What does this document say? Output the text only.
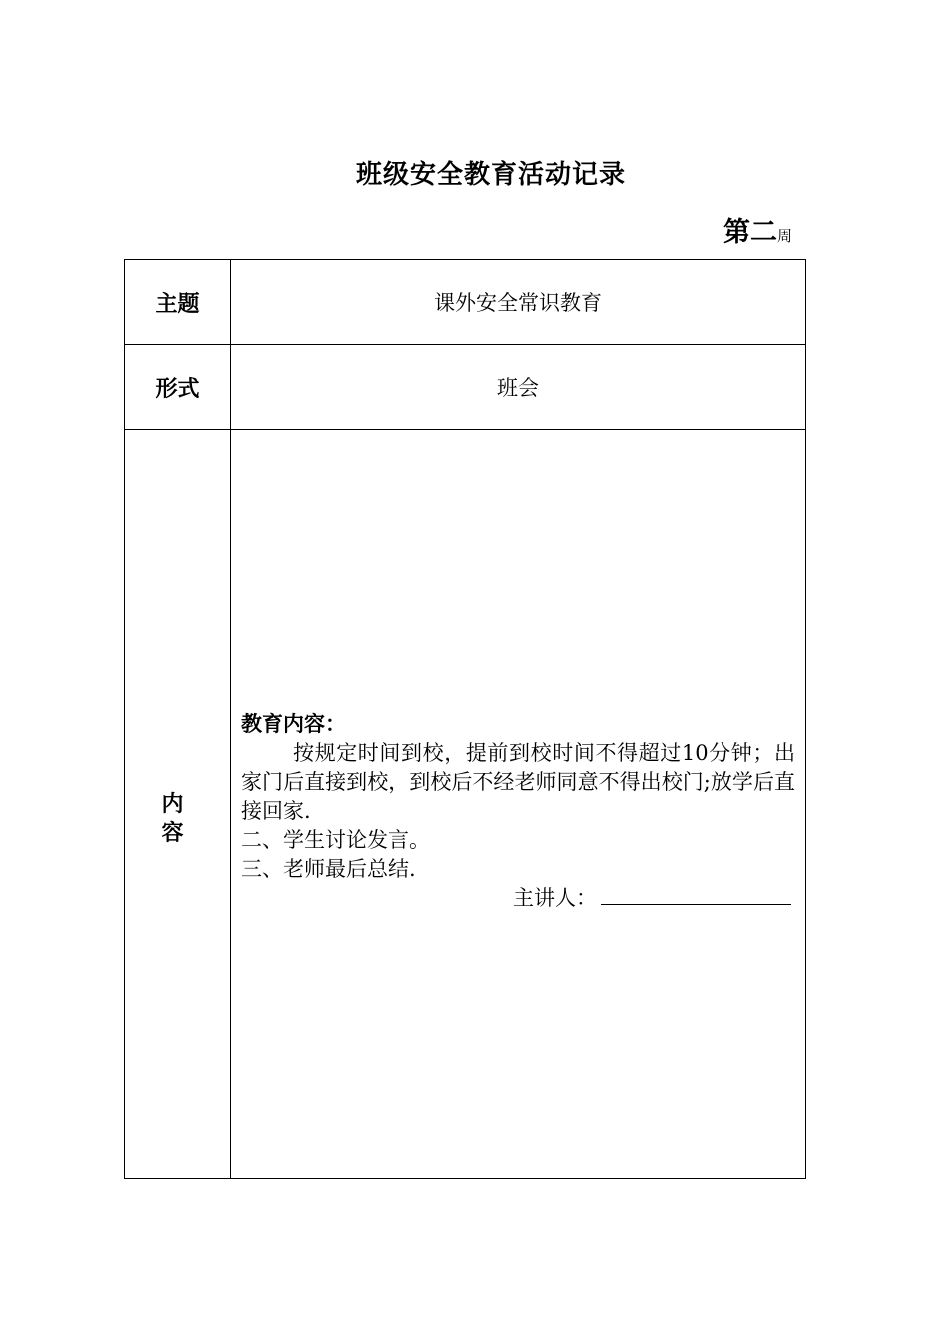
班级安全教育活动记录
第二周
主题	课外安全常识教育
形式	班会

内容	教育内容：
按规定时间到校，提前到校时间不得超过10分钟；出家门后直接到校，到校后不经老师同意不得出校门;放学后直接回家.
二、学生讨论发言。
三、老师最后总结.
主讲人：
